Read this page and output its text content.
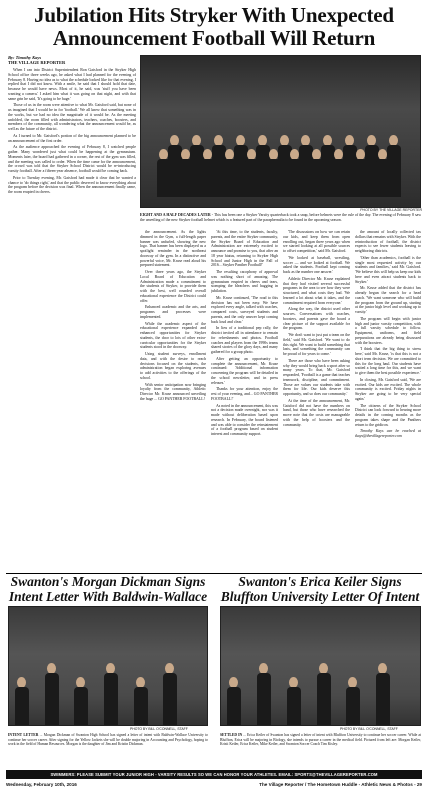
Jubilation Hits Stryker With Unexpected Announcement Football Will Return
By: Timothy Kays
THE VILLAGE REPORTER

When I ran into District Superintendent Ron Gaisford in the Stryker High School office three weeks ago, he asked what I had planned for the evening of February 8. Having no idea as to what the schedule looked like for that evening, I replied that I did not know. With a smile, he said that I should hold that date, because he would have news. Most of it, he said, was 'stuff you have been wanting a camera.' I asked him what it was going on that night, and with that same grin he said, 'It's going to be huge.'

Those of us in the room were attentive to what Mr. Gaisford said, but none of us imagined that I would be in for 'football.' We all knew that something was in the works, but we had no idea the magnitude of it would be. As the meeting unfolded, the room filled with administrators, teachers, coaches, boosters, and members of the community, all wondering what the announcement would be, as well as the future of the district.

As I turned to Mr. Gaisford's portion of the big announcement planned to be an announcement of the first order.

As the audience approached the evening of February 8, I watched people gather. Many wondered just what could be happening at the gymnasium. Moments later, the board had gathered in a corner, the rest of the gym was filled, and the meeting was called to order. When the time came for the announcement, the crowd was told that the Stryker School District would be re-introducing varsity football. After a fifteen-year absence, football would be coming back.

Prior to Tuesday evening, Mr. Gaisford had made it clear that he wanted a chance to 'do things right,' and that the public deserved to know everything about the program before the decision was final. When the announcement finally came, the room erupted in cheers.

PHOTO BY THE VILLAGE REPORTER
EIGHT AND A HALF DECADES LATER - This has been one a Stryker Varsity quarterback took a snap, before helmets were the rule of the day. The evening of February 8 saw the unveiling of the new Stryker football helmet which is a featured part of the paraphernalia to be found in the upcoming season.

the announcement. As the lights dimmed in the Gym, a full-length paper banner was unfurled, showing the new logo. That banner has been displayed as a spotlight reminder in the northeast doorway of the gym. In a distinctive and powerful voice, Mr. Kruse read aloud his prepared statement.

Over three years ago, the Stryker Local Board of Education and Administration made a commitment to the students of Stryker, to provide them with the best, well rounded overall educational experience the District could offer.

Enhanced academic and the arts, and programs and processes were implemented.

While the academic aspect of the educational experience expanded and enhanced opportunities for Stryker students, the door to lots of other extra-curricular opportunities for the Stryker students stood in the doorway.

Using student surveys, enrollment data, and with the desire to reach decisions focused on the students, the administration began exploring avenues to add activities to the offerings of the school.

With senior anticipation now bringing loyalty from the community, Athletic Director Mr. Kruse announced unveiling the huge ... GO PANTHER FOOTBALL!

'At this time, to the students, faculty, parents, and the entire Stryker community, the Stryker Board of Education and Administration are extremely excited to announce and promise to you, that after an 18 year hiatus, returning to Stryker High School and Junior High in the Fall of 2016... Stryker Panther Football!'

The resulting cacophony of approval was nothing short of amazing. The gymnasium erupted in cheers and tears, stomping the bleachers and hugging in jubilation.

Mr. Kruse continued, 'The road to this decision has not been easy. We have explored every angle, talked with coaches, compared costs, surveyed students and parents, and the only answer kept coming back loud and clear.'

In lieu of a traditional pep rally, the district invited all in attendance to remain for refreshments and photos. Football coaches and players from the 1990s teams shared stories of the glory days, and many gathered for a group photo.

After getting an opportunity to complete the announcement, Mr. Kruse continued: 'Additional information concerning the program will be detailed in the school newsletter, and in press releases.'

Thanks for your attention, enjoy the rest of your evening, and... GO PANTHER FOOTBALL!'

As noted in the announcement, this was not a decision made overnight, nor was it made without deliberation based upon research. In February, the board listened and was able to consider the reinstatement of a football program based on student interest and community support.

'The discussions on how we can retain our kids, and keep them from open enrolling out, began three years ago when we started looking at all possible sources to offset competition,' said Mr. Gaisford.

'We looked at baseball, wrestling, soccer — and we looked at football. We asked the students. Football kept coming back as the number one answer.'

Athletic Director Mr. Kruse explained that they had visited several successful programs in the area to see how they were structured, and what costs they had. 'We learned a lot about what it takes, and the commitment required from everyone.'

Along the way, the district used other sources. Conversations with coaches, boosters, and parents gave the board a clear picture of the support available for the program.

'We don't want to just put a team on the field,' said Mr. Gaisford. 'We want to do this right. We want to build something that lasts, and something the community can be proud of for years to come.'

There are those who have been asking why they would bring back a sport after so many years. To that, Mr. Gaisford responded, 'Football is a game that teaches teamwork, discipline, and commitment. Those are values our students take with them for life. Our kids deserve this opportunity, and so does our community.'

At the time of the announcement, Mr. Gaisford did not have the numbers on hand, but those who have researched the move note that the costs are manageable with the help of boosters and the community.

the amount of locally collected tax dollars that remains with Stryker. With the reintroduction of football, the district expects to see fewer students leaving to neighboring districts.

'Other than academics, football is the single most requested activity by our students and families,' said Mr. Gaisford. 'We believe this will help us keep our kids here and even attract students back to Stryker.'

Mr. Kruse added that the district has already begun the search for a head coach. 'We want someone who will build the program from the ground up, starting at the junior high level and working up to varsity.'

The program will begin with junior high and junior varsity competition, with a full varsity schedule to follow. Equipment, uniforms, and field preparations are already being discussed with the boosters.

'I think that the big thing to stress here,' said Mr. Kruse, 'is that this is not a short term decision. We are committed to this for the long haul. Our students have waited a long time for this, and we want to give them the best possible experience.'

In closing, Mr. Gaisford said, 'We are excited. Our kids are excited. The whole community is excited. Friday nights in Stryker are going to be very special again.'

The citizens of the Stryker School District can look forward to hearing more details in the coming months as the program takes shape and the Panthers return to the gridiron.

Timothy Kays can be reached at tkays@thevillagereporter.com

Swanton's Morgan Dickman Signs Intent Letter With Baldwin-Wallace
Swanton's Erica Keiler Signs Bluffton University Letter Of Intent
PHOTO BY BILL O'CONNELL, STAFF
INTENT LETTER ... Morgan Dickman of Swanton High School has signed a letter of intent with Baldwin-Wallace University to continue her soccer career. After signing for the Yellow Jackets she will be double majoring in Accounting and Psychology, hoping to work in the field of Human Resources. Morgan is the daughter of Jim and Kristin Dickman.
PHOTO BY BILL O'CONNELL, STAFF
SETTLED IN ... Erica Keiler of Swanton has signed a letter of intent with Bluffton University to continue her soccer career. While at Bluffton, Erica will be majoring in Biology, she intends to pursue a career in the medical field. Pictured from left are: Morgan Keiler, Kristi Keiler, Erica Keiler, Mike Keiler, and Swanton Soccer Coach Tim Kisley.
SWIMMERS: PLEASE SUBMIT YOUR JUNIOR HIGH - VARSITY RESULTS SO WE CAN HONOR YOUR ATHLETES. EMAIL: SPORTS@THEVILLAGEREPORTER.COM
Wednesday, February 10th, 2016	The Village Reporter / The Hometown Huddle - Athletic News & Photos - 29
